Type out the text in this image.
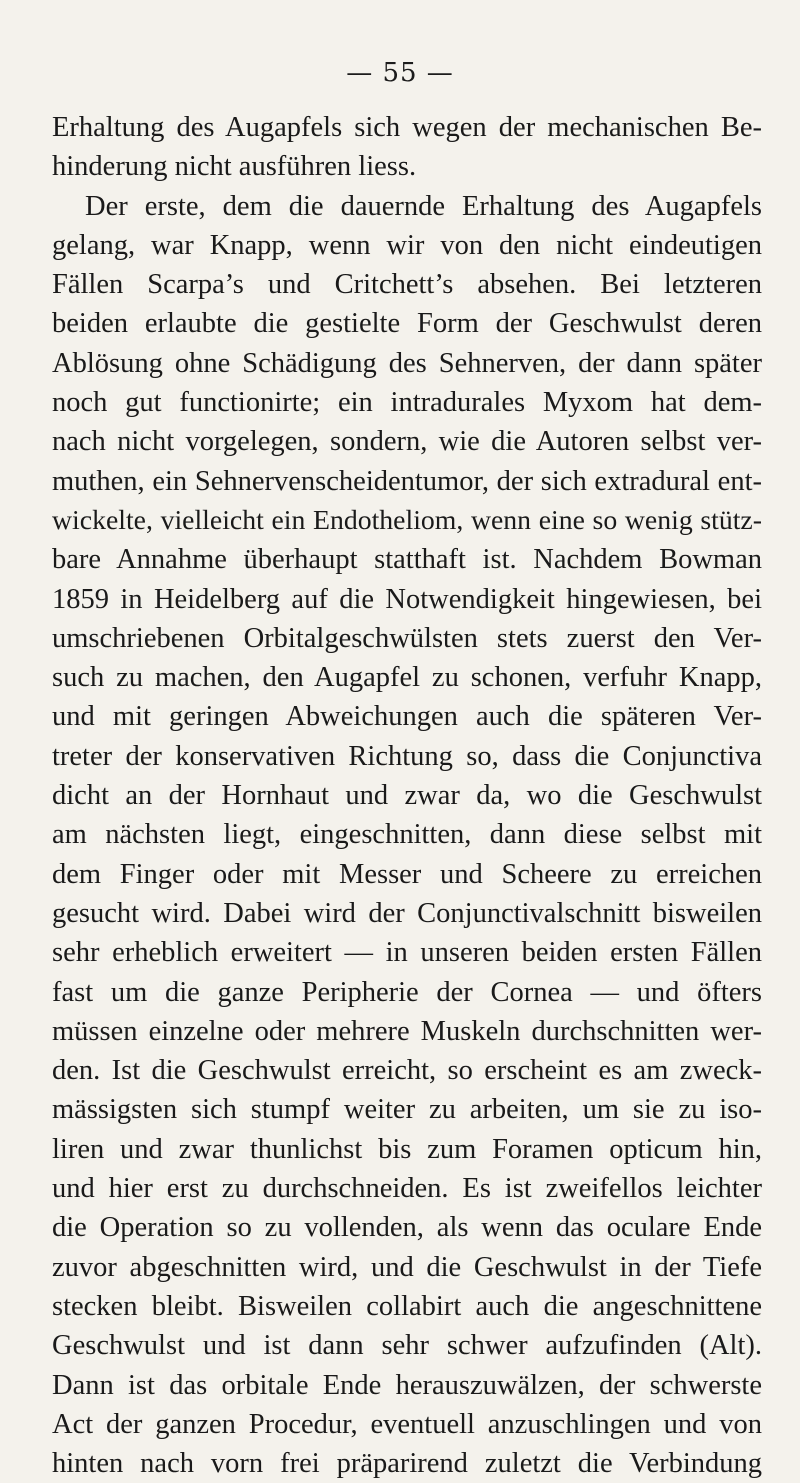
— 55 —
Erhaltung des Augapfels sich wegen der mechanischen Be-
hinderung nicht ausführen liess.
Der erste, dem die dauernde Erhaltung des Augapfels
gelang, war Knapp, wenn wir von den nicht eindeutigen
Fällen Scarpa’s und Critchett’s absehen. Bei letzteren
beiden erlaubte die gestielte Form der Geschwulst deren
Ablösung ohne Schädigung des Sehnerven, der dann später
noch gut functionirte; ein intradurales Myxom hat dem-
nach nicht vorgelegen, sondern, wie die Autoren selbst ver-
muthen, ein Sehnervenscheidentumor, der sich extradural ent-
wickelte, vielleicht ein Endotheliom, wenn eine so wenig stütz-
bare Annahme überhaupt statthaft ist. Nachdem Bowman
1859 in Heidelberg auf die Notwendigkeit hingewiesen, bei
umschriebenen Orbitalgeschwülsten stets zuerst den Ver-
such zu machen, den Augapfel zu schonen, verfuhr Knapp,
und mit geringen Abweichungen auch die späteren Ver-
treter der konservativen Richtung so, dass die Conjunctiva
dicht an der Hornhaut und zwar da, wo die Geschwulst
am nächsten liegt, eingeschnitten, dann diese selbst mit
dem Finger oder mit Messer und Scheere zu erreichen
gesucht wird. Dabei wird der Conjunctivalschnitt bisweilen
sehr erheblich erweitert — in unseren beiden ersten Fällen
fast um die ganze Peripherie der Cornea — und öfters
müssen einzelne oder mehrere Muskeln durchschnitten wer-
den. Ist die Geschwulst erreicht, so erscheint es am zweck-
mässigsten sich stumpf weiter zu arbeiten, um sie zu iso-
liren und zwar thunlichst bis zum Foramen opticum hin,
und hier erst zu durchschneiden. Es ist zweifellos leichter
die Operation so zu vollenden, als wenn das oculare Ende
zuvor abgeschnitten wird, und die Geschwulst in der Tiefe
stecken bleibt. Bisweilen collabirt auch die angeschnittene
Geschwulst und ist dann sehr schwer aufzufinden (Alt).
Dann ist das orbitale Ende herauszuwälzen, der schwerste
Act der ganzen Procedur, eventuell anzuschlingen und von
hinten nach vorn frei präparirend zuletzt die Verbindung
